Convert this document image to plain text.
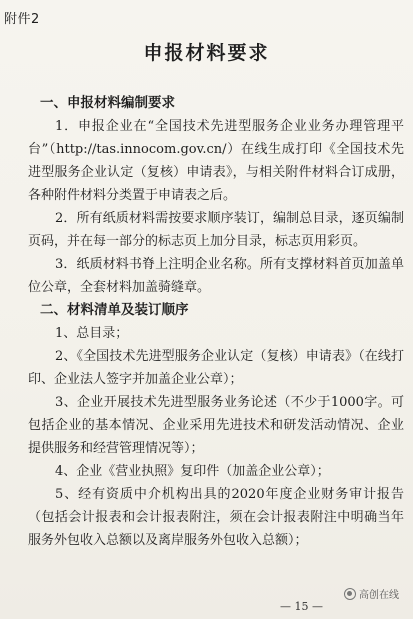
附件2
申报材料要求

一、申报材料编制要求

1．申报企业在“全国技术先进型服务企业业务办理管理平台”（http://tas.innocom.gov.cn/）在线生成打印《全国技术先进型服务企业认定（复核）申请表》，与相关附件材料合订成册，各种附件材料分类置于申请表之后。

2．所有纸质材料需按要求顺序装订，编制总目录，逐页编制页码，并在每一部分的标志页上加分目录，标志页用彩页。

3．纸质材料书脊上注明企业名称。所有支撑材料首页加盖单位公章，全套材料加盖骑缝章。

二、材料清单及装订顺序

1、总目录；

2、《全国技术先进型服务企业认定（复核）申请表》（在线打印、企业法人签字并加盖企业公章）；

3、企业开展技术先进型服务业务论述（不少于1000字。可包括企业的基本情况、企业采用先进技术和研发活动情况、企业提供服务和经营管理情况等）；

4、企业《营业执照》复印件（加盖企业公章）；

5、经有资质中介机构出具的2020年度企业财务审计报告（包括会计报表和会计报表附注，须在会计报表附注中明确当年服务外包收入总额以及离岸服务外包收入总额）；

高创在线
— 15 —
